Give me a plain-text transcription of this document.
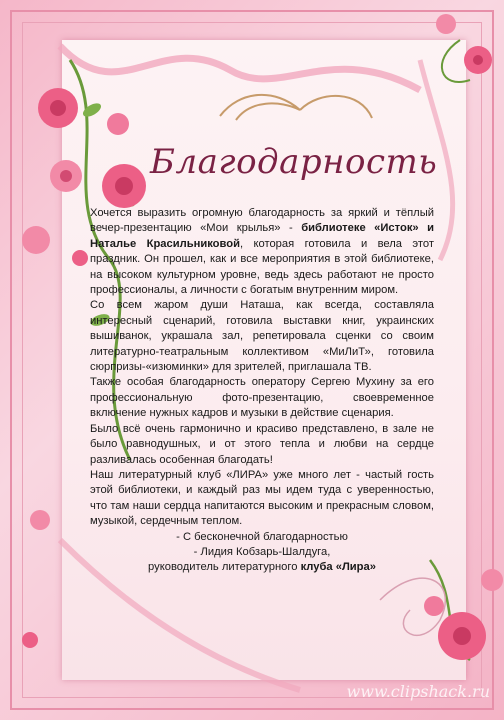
Благодарность

Хочется выразить огромную благодарность за яркий и тёплый вечер-презентацию «Мои крылья» - библиотеке «Исток» и Наталье Красильниковой, которая готовила и вела этот праздник. Он прошел, как и все мероприятия в этой библиотеке, на высоком культурном уровне, ведь здесь работают не просто профессионалы, а личности с богатым внутренним миром.

Со всем жаром души Наташа, как всегда, составляла интересный сценарий, готовила выставки книг, украинских вышиванок, украшала зал, репетировала сценки со своим литературно-театральным коллективом «МиЛиТ», готовила сюрпризы-«изюминки» для зрителей, приглашала ТВ.

Также особая благодарность оператору Сергею Мухину за его профессиональную фото-презентацию, своевременное включение нужных кадров и музыки в действие сценария.

Было всё очень гармонично и красиво представлено, в зале не было равнодушных, и от этого тепла и любви на сердце разливалась особенная благодать!

Наш литературный клуб «ЛИРА» уже много лет - частый гость этой библиотеки, и каждый раз мы идем туда с уверенностью, что там наши сердца напитаются высоким и прекрасным словом, музыкой, сердечным теплом.

- С бесконечной благодарностью

- Лидия Кобзарь-Шалдуга,

руководитель литературного клуба «Лира»

www.clipshack.ru
